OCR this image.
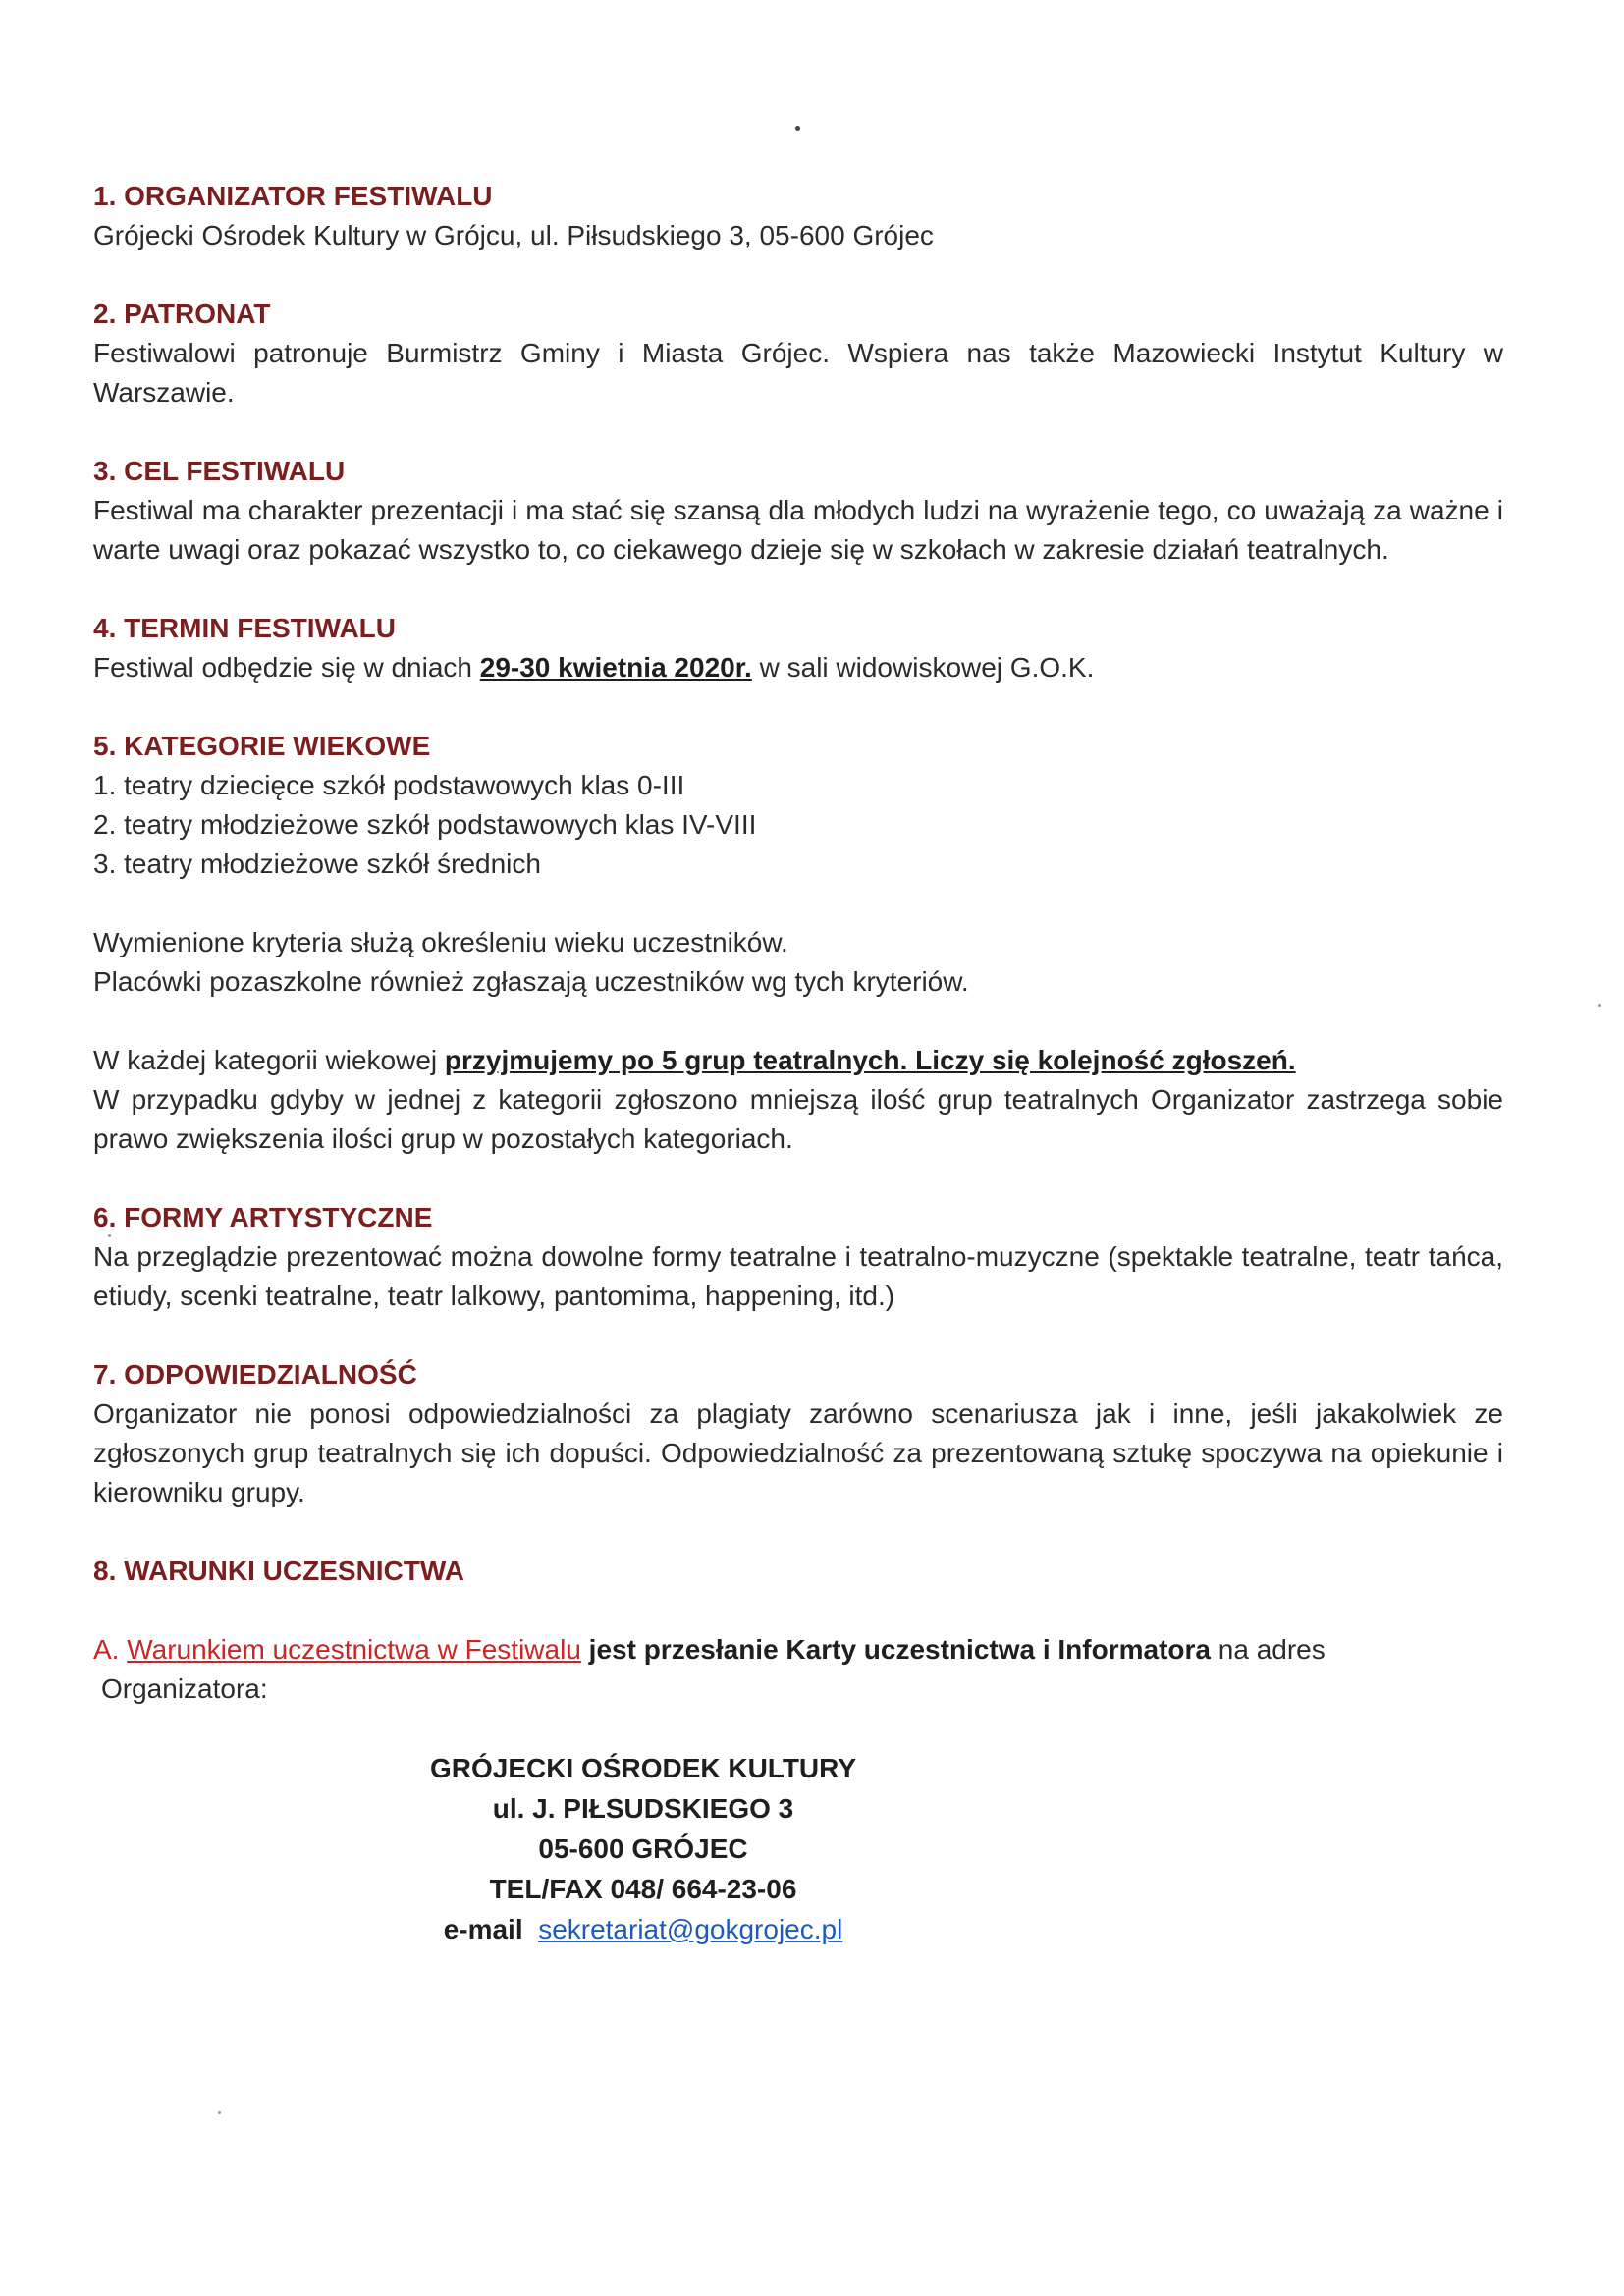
1. ORGANIZATOR FESTIWALU

Grójecki Ośrodek Kultury w Grójcu, ul. Piłsudskiego 3, 05-600 Grójec

2. PATRONAT

Festiwalowi patronuje Burmistrz Gminy i Miasta Grójec. Wspiera nas także Mazowiecki Instytut Kultury w Warszawie.

3. CEL FESTIWALU

Festiwal ma charakter prezentacji i ma stać się szansą dla młodych ludzi na wyrażenie tego, co uważają za ważne i warte uwagi oraz pokazać wszystko to, co ciekawego dzieje się w szkołach w zakresie działań teatralnych.

4. TERMIN FESTIWALU

Festiwal odbędzie się w dniach 29-30 kwietnia 2020r. w sali widowiskowej G.O.K.

5. KATEGORIE WIEKOWE

1. teatry dziecięce szkół podstawowych klas 0-III
2. teatry młodzieżowe szkół podstawowych klas IV-VIII
3. teatry młodzieżowe szkół średnich

Wymienione kryteria służą określeniu wieku uczestników.

Placówki pozaszkolne również zgłaszają uczestników wg tych kryteriów.

W każdej kategorii wiekowej przyjmujemy po 5 grup teatralnych. Liczy się kolejność zgłoszeń.

W przypadku gdyby w jednej z kategorii zgłoszono mniejszą ilość grup teatralnych Organizator zastrzega sobie prawo zwiększenia ilości grup w pozostałych kategoriach.

6. FORMY ARTYSTYCZNE

Na przeglądzie prezentować można dowolne formy teatralne i teatralno-muzyczne (spektakle teatralne, teatr tańca, etiudy, scenki teatralne, teatr lalkowy, pantomima, happening, itd.)

7. ODPOWIEDZIALNOŚĆ

Organizator nie ponosi odpowiedzialności za plagiaty zarówno scenariusza jak i inne, jeśli jakakolwiek ze zgłoszonych grup teatralnych się ich dopuści. Odpowiedzialność za prezentowaną sztukę spoczywa na opiekunie i kierowniku grupy.

8. WARUNKI UCZESNICTWA

A. Warunkiem uczestnictwa w Festiwalu jest przesłanie Karty uczestnictwa i Informatora na adres

Organizatora:

GRÓJECKI OŚRODEK KULTURY
ul. J. PIŁSUDSKIEGO 3
05-600 GRÓJEC
TEL/FAX 048/ 664-23-06
e-mail sekretariat@gokgrojec.pl
